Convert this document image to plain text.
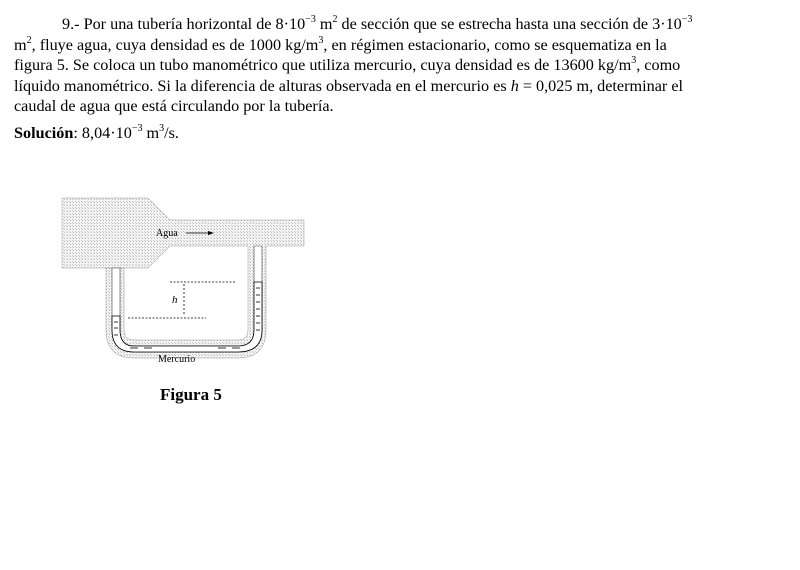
9.- Por una tubería horizontal de $8\cdot 10^{-3}$ $m^2$ de sección que se estrecha hasta una sección de $3\cdot 10^{-3}$
$m^2$, fluye agua, cuya densidad es de 1000 $kg/m^3$, en régimen estacionario, como se esquematiza en la
figura 5. Se coloca un tubo manométrico que utiliza mercurio, cuya densidad es de 13600 $kg/m^3$, como
líquido manométrico. Si la diferencia de alturas observada en el mercurio es h = 0,025 m, determinar el
caudal de agua que está circulando por la tubería.
Solución: $8,04\cdot 10^{-3}$ $m^3/s$.
Agua
h
Mercurio
Figura 5
